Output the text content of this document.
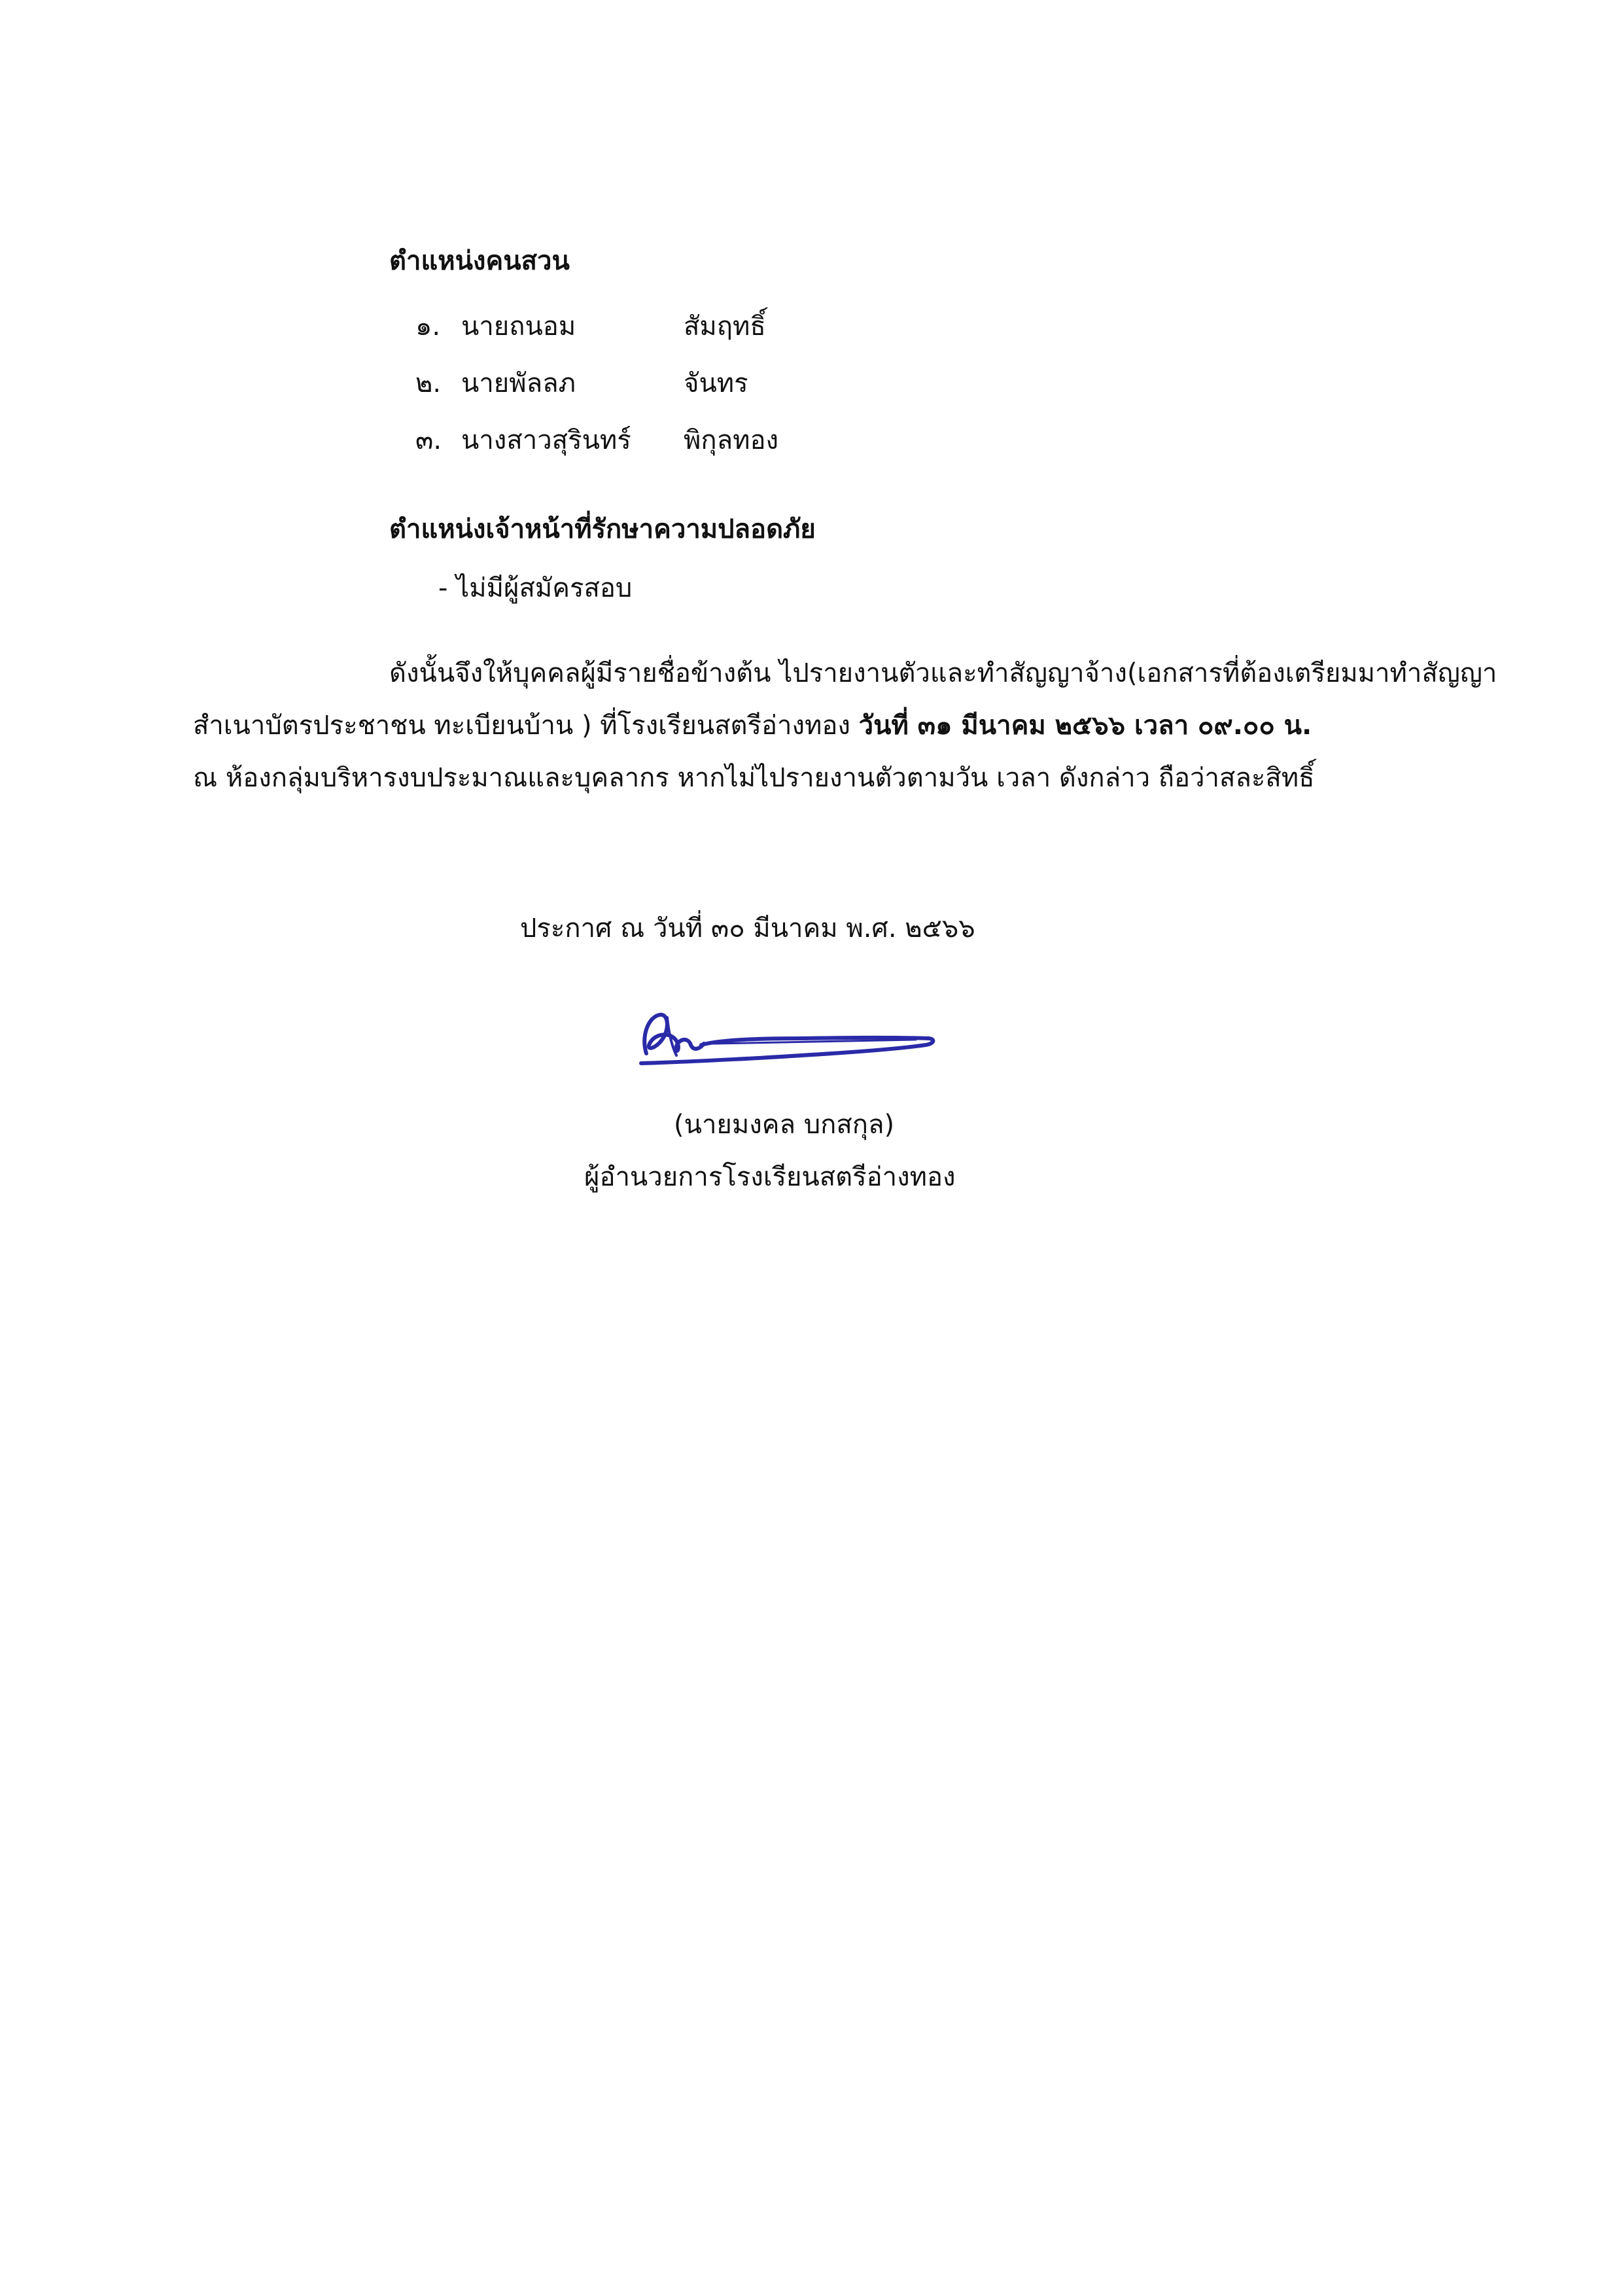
ตำแหน่งคนสวน
๑. นายถนอม	สัมฤทธิ์
๒. นายพัลลภ	จันทร
๓. นางสาวสุรินทร์ พิกุลทอง
ตำแหน่งเจ้าหน้าที่รักษาความปลอดภัย
- ไม่มีผู้สมัครสอบ
ดังนั้นจึงให้บุคคลผู้มีรายชื่อข้างต้น ไปรายงานตัวและทำสัญญาจ้าง(เอกสารที่ต้องเตรียมมาทำสัญญา
สำเนาบัตรประชาชน ทะเบียนบ้าน ) ที่โรงเรียนสตรีอ่างทอง วันที่ ๓๑ มีนาคม ๒๕๖๖ เวลา ๐๙.๐๐ น.
ณ ห้องกลุ่มบริหารงบประมาณและบุคลากร หากไม่ไปรายงานตัวตามวัน เวลา ดังกล่าว ถือว่าสละสิทธิ์
ประกาศ ณ วันที่ ๓๐ มีนาคม พ.ศ. ๒๕๖๖
(นายมงคล บกสกุล)
ผู้อำนวยการโรงเรียนสตรีอ่างทอง
